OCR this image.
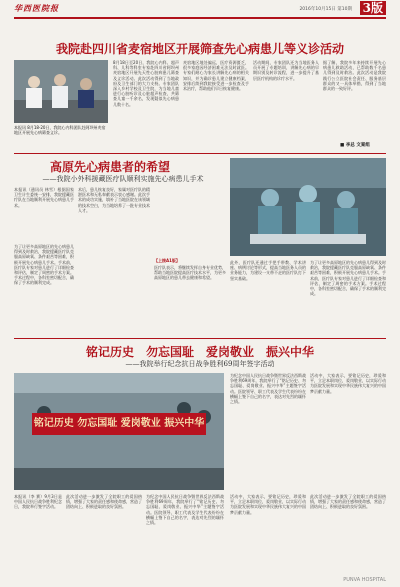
华西医院报	2016年10月15日 第10期 3版
我院赴四川省麦宿地区开展筛查先心病患儿等义诊活动
本报讯 8月18-20日，我院心内科团队赴阿坝州麦宿地区开展先心病筛查义诊。
8月18日至20日，我院心内科、超声科、儿科等科室专家赴四川省阿坝州麦宿地区开展先天性心脏病患儿筛查及义诊活动。此次活动得到了当地政府及卫生部门的大力支持。专家团队深入乡村学校及卫生院，为当地儿童进行心脏听诊及心脏超声检查，共筛查儿童一千余名，发现疑似先心病患儿数十名。
麦宿地区地处偏远，医疗资源匮乏，很多家庭因经济困难无法及时就医。专家们耐心为家长讲解先心病的相关知识，并为确诊患儿建立健康档案，安排后续到我院接受进一步检查及手术治疗，帮助他们早日恢复健康。
活动期间，专家团队还为当地医务人员开展了专题培训，讲解先心病的早期识别及转诊流程，进一步提升了基层医疗机构的诊疗水平。
据了解，我院多年来持续开展先心病患儿救助活动，已帮助数千名患儿得到及时救治。此次活动是我院践行公立医院社会责任、服务基层群众的又一具体举措，得到了当地群众的一致好评。
■ 李总 文案组
高原先心病患者的希望
——我院小外科援藏医疗队顺利实施先心病患儿手术
本报讯（通讯员 林雪）根据国家卫生计生委统一安排，我院援藏医疗队在当地顺利开展先心病患儿手术。
为了让更多高原地区的先心病患儿得到及时救治，我院援藏医疗队克服高原缺氧、条件艰苦等困难，积极开展先心病患儿手术。手术前，医疗队专家对患儿进行了详细检查和评估，制定了周密的手术方案。手术过程中，各科室密切配合，确保了手术的顺利完成。
术后，患儿恢复良好，家属对医疗队的精湛医术和无私奉献表示衷心感谢。此次手术的成功实施，填补了当地医院在该领域的技术空白，为当地培养了一批专业技术人才。
【上接A1版】
医疗队表示，将继续发挥自身专业优势，帮助当地医院提高医疗技术水平，为更多高原地区的患儿带去健康和希望。
此外，医疗队还通过手把手带教、学术讲座、病例讨论等形式，提高当地医务人员的业务能力，为建设一支带不走的医疗队打下坚实基础。
为了让更多高原地区的先心病患儿得到及时救治，我院援藏医疗队克服高原缺氧、条件艰苦等困难，积极开展先心病患儿手术。手术前，医疗队专家对患儿进行了详细检查和评估，制定了周密的手术方案。手术过程中，各科室密切配合，确保了手术的顺利完成。
铭记历史　勿忘国耻　爱岗敬业　振兴中华
——我院举行纪念抗日战争胜利69周年签字活动
铭记历史 勿忘国耻 爱岗敬业 振兴中华
为纪念中国人民抗日战争暨世界反法西斯战争胜利69周年，我院举行了“铭记历史、勿忘国耻、爱岗敬业、振兴中华”主题签字活动。医院领导、职工代表及学生代表纷纷在横幅上签下自己的名字，表达对先烈的缅怀之情。
活动中，大家表示，要铭记历史，珍爱和平，立足本职岗位，爱岗敬业，以实际行动为医院发展和实现中华民族伟大复兴的中国梦贡献力量。
本报讯（李 赛）9月3日是中国人民抗日战争胜利纪念日，我院举行签字活动。
此次活动进一步激发了全院职工的爱国热情，增强了大家的责任感和使命感，营造了团结向上、积极进取的良好氛围。
为纪念中国人民抗日战争暨世界反法西斯战争胜利69周年，我院举行了“铭记历史、勿忘国耻、爱岗敬业、振兴中华”主题签字活动。医院领导、职工代表及学生代表纷纷在横幅上签下自己的名字，表达对先烈的缅怀之情。
活动中，大家表示，要铭记历史，珍爱和平，立足本职岗位，爱岗敬业，以实际行动为医院发展和实现中华民族伟大复兴的中国梦贡献力量。
此次活动进一步激发了全院职工的爱国热情，增强了大家的责任感和使命感，营造了团结向上、积极进取的良好氛围。
PUNVA HOSPITAL
